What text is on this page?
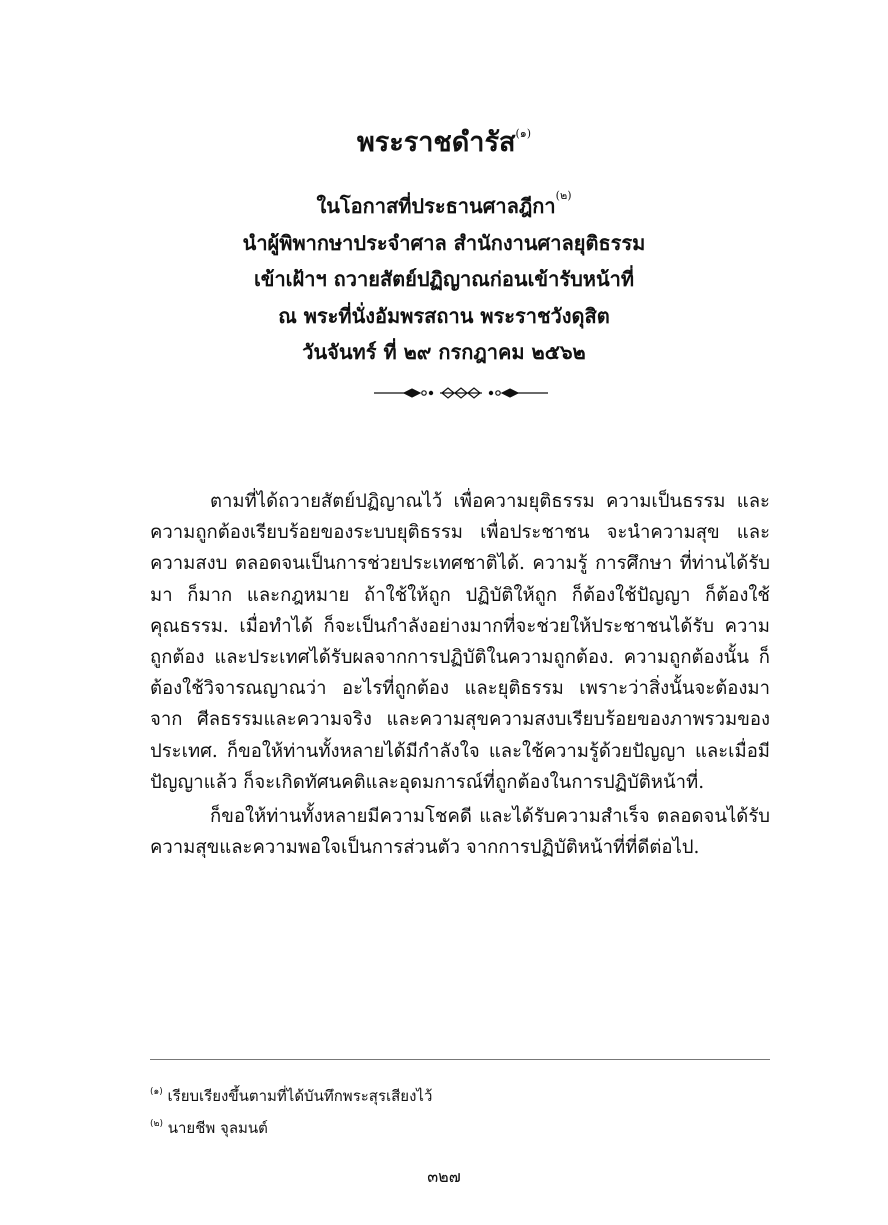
พระราชดำรัส$^{(๑)}$
ในโอกาสที่ประธานศาลฎีกา$^{(๒)}$
นำผู้พิพากษาประจำศาล สำนักงานศาลยุติธรรม
เข้าเฝ้าฯ ถวายสัตย์ปฏิญาณก่อนเข้ารับหน้าที่
ณ พระที่นั่งอัมพรสถาน พระราชวังดุสิต
วันจันทร์ ที่ ๒๙ กรกฎาคม ๒๕๖๒

ตามที่ได้ถวายสัตย์ปฏิญาณไว้ เพื่อความยุติธรรม ความเป็นธรรม และความถูกต้องเรียบร้อยของระบบยุติธรรม เพื่อประชาชน จะนำความสุข และความสงบ ตลอดจนเป็นการช่วยประเทศชาติได้. ความรู้ การศึกษา ที่ท่านได้รับมา ก็มาก และกฎหมาย ถ้าใช้ให้ถูก ปฏิบัติให้ถูก ก็ต้องใช้ปัญญา ก็ต้องใช้คุณธรรม. เมื่อทำได้ ก็จะเป็นกำลังอย่างมากที่จะช่วยให้ประชาชนได้รับ ความถูกต้อง และประเทศได้รับผลจากการปฏิบัติในความถูกต้อง. ความถูกต้องนั้น ก็ต้องใช้วิจารณญาณว่า อะไรที่ถูกต้อง และยุติธรรม เพราะว่าสิ่งนั้นจะต้องมาจาก ศีลธรรมและความจริง และความสุขความสงบเรียบร้อยของภาพรวมของประเทศ. ก็ขอให้ท่านทั้งหลายได้มีกำลังใจ และใช้ความรู้ด้วยปัญญา และเมื่อมีปัญญาแล้ว ก็จะเกิดทัศนคติและอุดมการณ์ที่ถูกต้องในการปฏิบัติหน้าที่.

ก็ขอให้ท่านทั้งหลายมีความโชคดี และได้รับความสำเร็จ ตลอดจนได้รับ ความสุขและความพอใจเป็นการส่วนตัว จากการปฏิบัติหน้าที่ที่ดีต่อไป.

$^{(๑)}$ เรียบเรียงขึ้นตามที่ได้บันทึกพระสุรเสียงไว้
$^{(๒)}$ นายชีพ จุลมนต์
๓๒๗
